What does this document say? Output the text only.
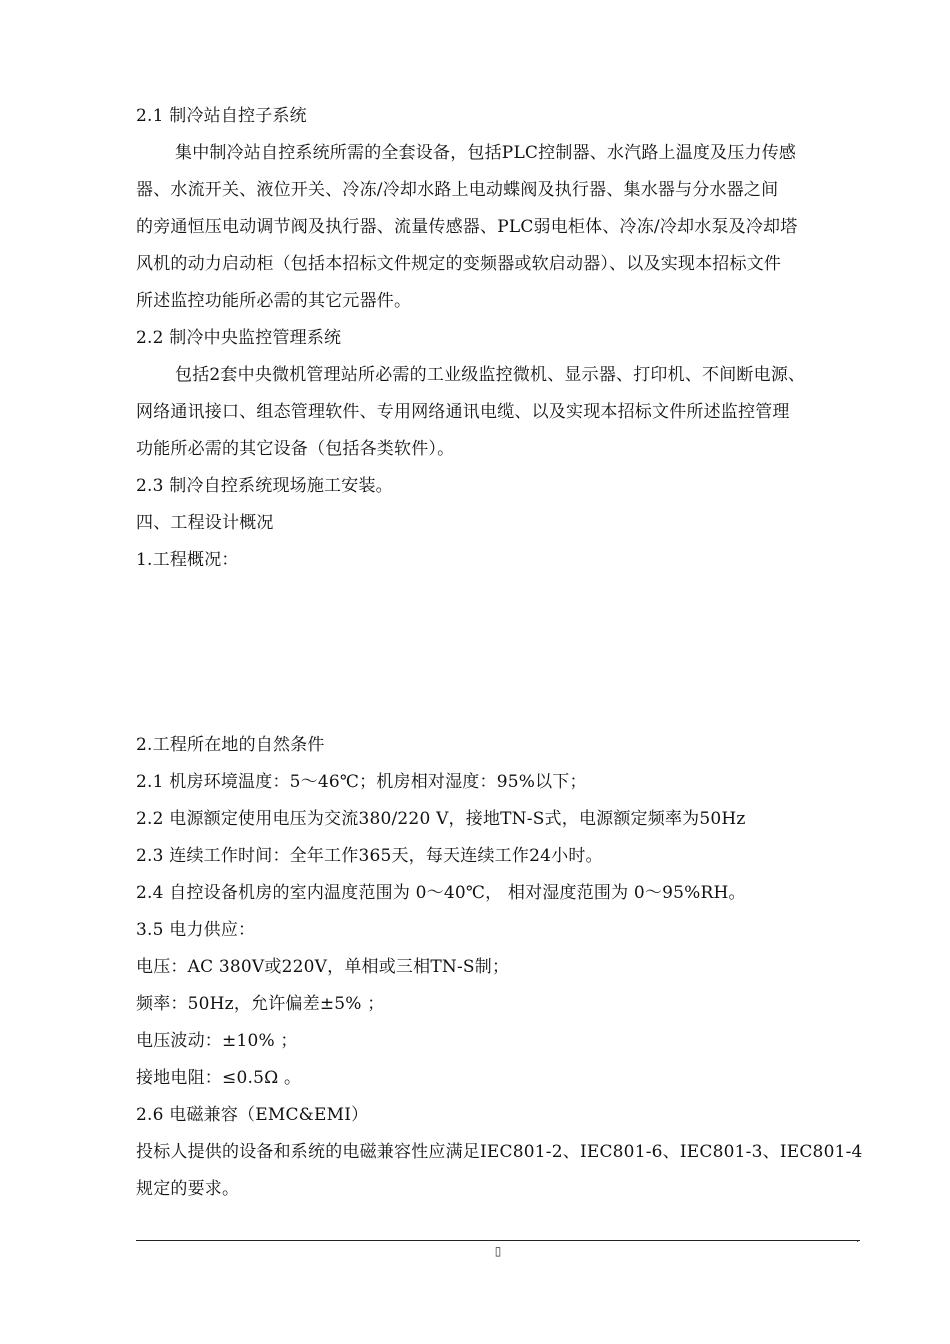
2.1 制冷站自控子系统
集中制冷站自控系统所需的全套设备，包括PLC控制器、水汽路上温度及压力传感
器、水流开关、液位开关、冷冻/冷却水路上电动蝶阀及执行器、集水器与分水器之间
的旁通恒压电动调节阀及执行器、流量传感器、PLC弱电柜体、冷冻/冷却水泵及冷却塔
风机的动力启动柜（包括本招标文件规定的变频器或软启动器）、以及实现本招标文件
所述监控功能所必需的其它元器件。
2.2 制冷中央监控管理系统
包括2套中央微机管理站所必需的工业级监控微机、显示器、打印机、不间断电源、
网络通讯接口、组态管理软件、专用网络通讯电缆、以及实现本招标文件所述监控管理
功能所必需的其它设备（包括各类软件）。
2.3 制冷自控系统现场施工安装。
四、工程设计概况
1.工程概况：
2.工程所在地的自然条件
2.1 机房环境温度：5～46℃；机房相对湿度：95%以下；
2.2 电源额定使用电压为交流380/220 V，接地TN-S式，电源额定频率为50Hz
2.3 连续工作时间：全年工作365天，每天连续工作24小时。
2.4 自控设备机房的室内温度范围为 0～40℃， 相对湿度范围为 0～95%RH。
3.5 电力供应：
电压：AC 380V或220V，单相或三相TN-S制；
频率：50Hz，允许偏差±5% ；
电压波动：±10% ；
接地电阻：≤0.5Ω 。
2.6 电磁兼容（EMC&EMI）
投标人提供的设备和系统的电磁兼容性应满足IEC801-2、IEC801-6、IEC801-3、IEC801-4
规定的要求。
.
▯
